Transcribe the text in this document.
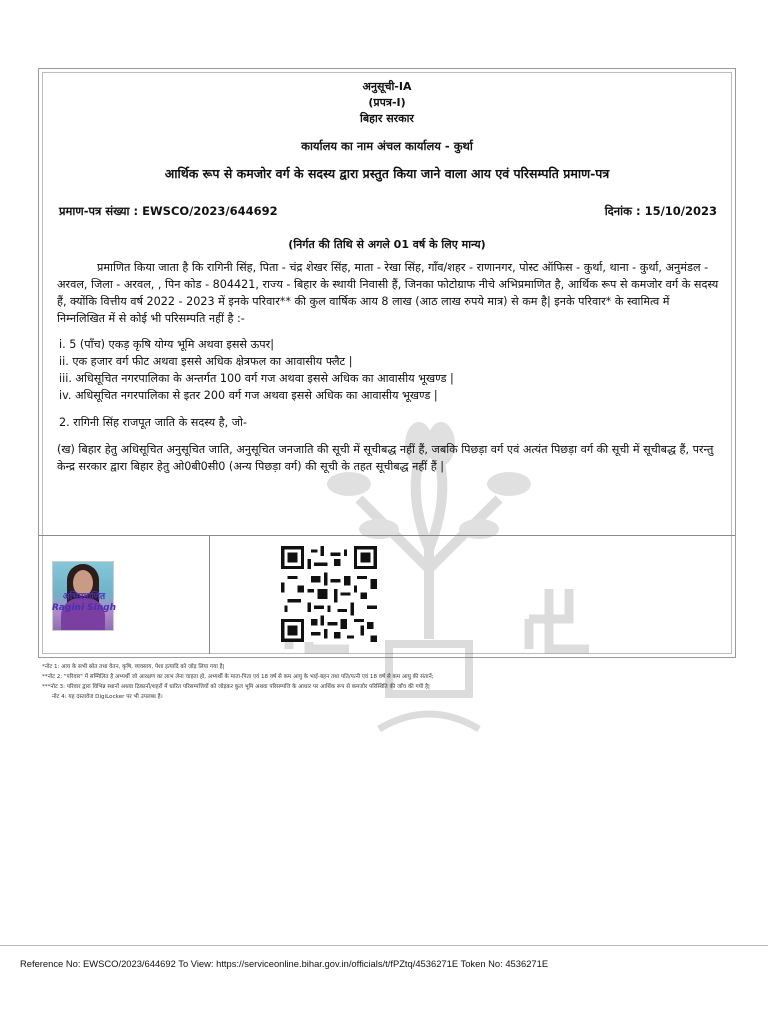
अनुसूची-IA
(प्रपत्र-I)
बिहार सरकार
कार्यालय का नाम अंचल कार्यालय - कुर्था
आर्थिक रूप से कमजोर वर्ग के सदस्य द्वारा प्रस्तुत किया जाने वाला आय एवं परिसम्पति प्रमाण-पत्र
प्रमाण-पत्र संख्या : EWSCO/2023/644692	दिनांक : 15/10/2023
(निर्गत की तिथि से अगले 01 वर्ष के लिए मान्य)
प्रमाणित किया जाता है कि रागिनी सिंह, पिता - चंद्र शेखर सिंह, माता - रेखा सिंह, गाँव/शहर - राणानगर, पोस्ट ऑफिस - कुर्था, थाना - कुर्था, अनुमंडल - अरवल, जिला - अरवल, , पिन कोड - 804421, राज्य - बिहार के स्थायी निवासी हैं, जिनका फोटोग्राफ नीचे अभिप्रमाणित है, आर्थिक रूप से कमजोर वर्ग के सदस्य हैं, क्योंकि वित्तीय वर्ष 2022 - 2023 में इनके परिवार** की कुल वार्षिक आय 8 लाख (आठ लाख रुपये मात्र) से कम है| इनके परिवार* के स्वामित्व में निम्नलिखित में से कोई भी परिसम्पति नहीं है :-
i. 5 (पाँच) एकड़ कृषि योग्य भूमि अथवा इससे ऊपर|
ii. एक हजार वर्ग फीट अथवा इससे अधिक क्षेत्रफल का आवासीय फ्लैट |
iii. अधिसूचित नगरपालिका के अन्तर्गत 100 वर्ग गज अथवा इससे अधिक का आवासीय भूखण्ड |
iv. अधिसूचित नगरपालिका से इतर 200 वर्ग गज अथवा इससे अधिक का आवासीय भूखण्ड |
2. रागिनी सिंह राजपूत जाति के सदस्य है, जो-
(ख) बिहार हेतु अधिसूचित अनुसूचित जाति, अनुसूचित जनजाति की सूची में सूचीबद्ध नहीं हैं, जबकि पिछड़ा वर्ग एवं अत्यंत पिछड़ा वर्ग की सूची में सूचीबद्ध हैं, परन्तु केन्द्र सरकार द्वारा बिहार हेतु ओ0बी0सी0 (अन्य पिछड़ा वर्ग) की सूची के तहत सूचीबद्ध नहीं हैं |
अभिप्रमाणित
Ragini Singh
*नोट 1: आय के सभी स्रोत तथा वेतन, कृषि, व्यवसाय, पेशा इत्यादि को जोड़ लिया गया है|
**नोट 2: "परिवार" में सम्मिलित है अभ्यर्थी जो आरक्षण का लाभ लेना चाहता हो, अभ्यर्थी के माता-पिता एवं 18 वर्ष से कम आयु के भाई-बहन तथा पति/पत्नी एवं 18 वर्ष से कम आयु की संतानें;
***नोट 3: परिवार द्वारा विभिन्न स्थानों अथवा ठिकानों/शहरों में धारित परिसम्पत्तियों को जोड़कर कुल भूमि अथवा परिसम्पत्ति के आधार पर आर्थिक रूप से कमजोर परिस्थिति की जाँच की गयी है|
नोट 4: यह दस्तावेज DigiLocker पर भी उपलब्ध है।
Reference No: EWSCO/2023/644692 To View: https://serviceonline.bihar.gov.in/officials/t/fPZtq/4536271E Token No: 4536271E
